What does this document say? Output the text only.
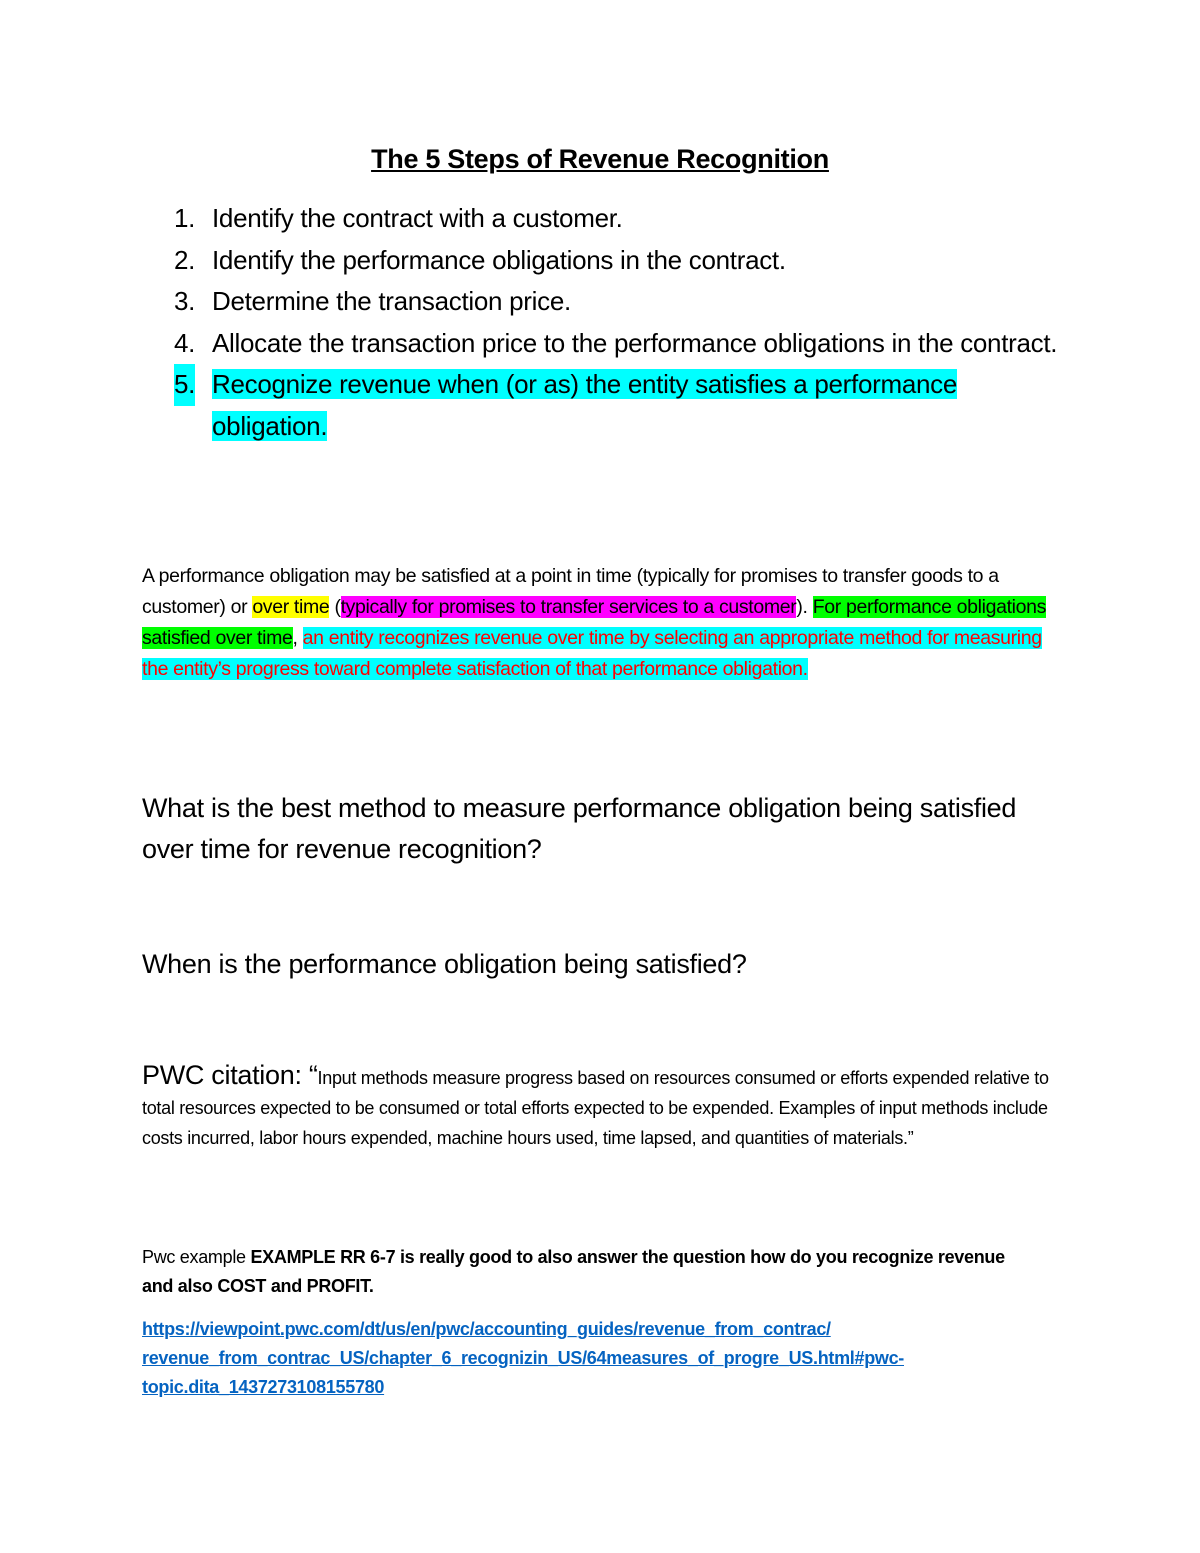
The 5 Steps of Revenue Recognition
1. Identify the contract with a customer.
2. Identify the performance obligations in the contract.
3. Determine the transaction price.
4. Allocate the transaction price to the performance obligations in the contract.
5. Recognize revenue when (or as) the entity satisfies a performance obligation.
A performance obligation may be satisfied at a point in time (typically for promises to transfer goods to a customer) or over time (typically for promises to transfer services to a customer). For performance obligations satisfied over time, an entity recognizes revenue over time by selecting an appropriate method for measuring the entity’s progress toward complete satisfaction of that performance obligation.
What is the best method to measure performance obligation being satisfied over time for revenue recognition?
When is the performance obligation being satisfied?
PWC citation: “Input methods measure progress based on resources consumed or efforts expended relative to total resources expected to be consumed or total efforts expected to be expended. Examples of input methods include costs incurred, labor hours expended, machine hours used, time lapsed, and quantities of materials.”
Pwc example EXAMPLE RR 6-7 is really good to also answer the question how do you recognize revenue and also COST and PROFIT.
https://viewpoint.pwc.com/dt/us/en/pwc/accounting_guides/revenue_from_contrac/
revenue_from_contrac_US/chapter_6_recognizin_US/64measures_of_progre_US.html#pwc-
topic.dita_1437273108155780
